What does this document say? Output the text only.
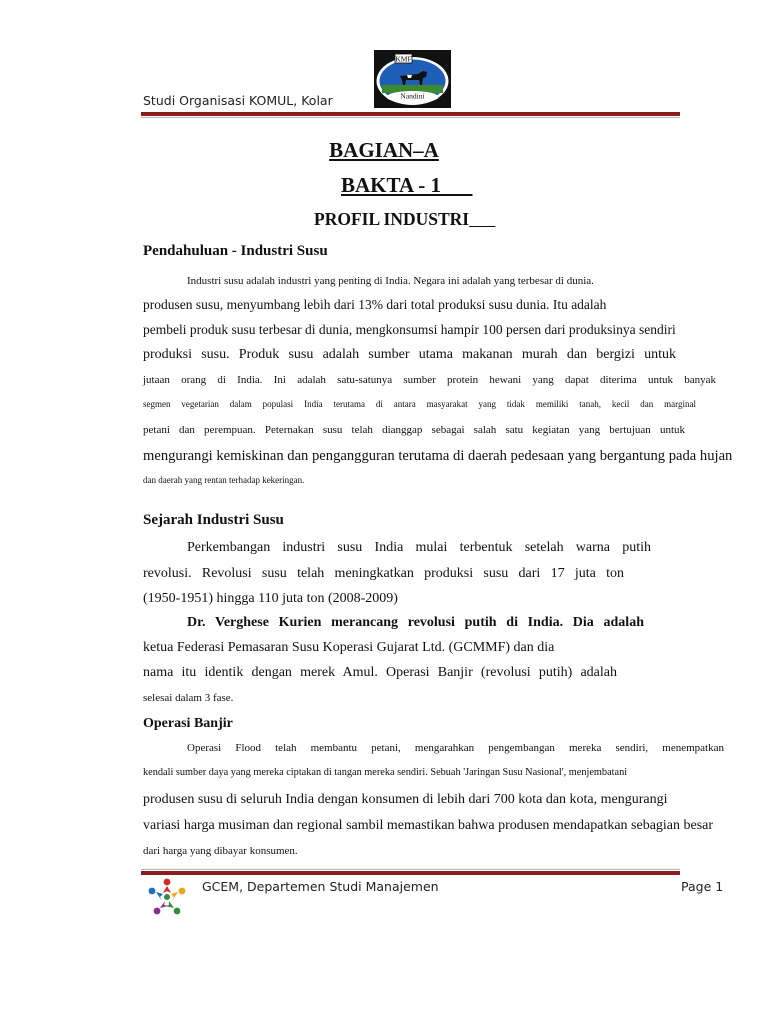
Studi Organisasi KOMUL, Kolar
KMF
Nandini
BAGIAN–A
BAKTA - 1
PROFIL INDUSTRI
Pendahuluan - Industri Susu
Industri susu adalah industri yang penting di India. Negara ini adalah yang terbesar di dunia.
produsen susu, menyumbang lebih dari 13% dari total produksi susu dunia. Itu adalah
pembeli produk susu terbesar di dunia, mengkonsumsi hampir 100 persen dari produksinya sendiri
produksi susu. Produk susu adalah sumber utama makanan murah dan bergizi untuk
jutaan orang di India. Ini adalah satu-satunya sumber protein hewani yang dapat diterima untuk banyak
segmen vegetarian dalam populasi India terutama di antara masyarakat yang tidak memiliki tanah, kecil dan marginal
petani dan perempuan. Peternakan susu telah dianggap sebagai salah satu kegiatan yang bertujuan untuk
mengurangi kemiskinan dan pengangguran terutama di daerah pedesaan yang bergantung pada hujan
dan daerah yang rentan terhadap kekeringan.
Sejarah Industri Susu
Perkembangan industri susu India mulai terbentuk setelah warna putih
revolusi. Revolusi susu telah meningkatkan produksi susu dari 17 juta ton
(1950-1951) hingga 110 juta ton (2008-2009)
Dr. Verghese Kurien merancang revolusi putih di India. Dia adalah
ketua Federasi Pemasaran Susu Koperasi Gujarat Ltd. (GCMMF) dan dia
nama itu identik dengan merek Amul. Operasi Banjir (revolusi putih) adalah
selesai dalam 3 fase.
Operasi Banjir
Operasi Flood telah membantu petani, mengarahkan pengembangan mereka sendiri, menempatkan
kendali sumber daya yang mereka ciptakan di tangan mereka sendiri. Sebuah 'Jaringan Susu Nasional', menjembatani
produsen susu di seluruh India dengan konsumen di lebih dari 700 kota dan kota, mengurangi
variasi harga musiman dan regional sambil memastikan bahwa produsen mendapatkan sebagian besar
dari harga yang dibayar konsumen.
GCEM, Departemen Studi Manajemen	Page 1
